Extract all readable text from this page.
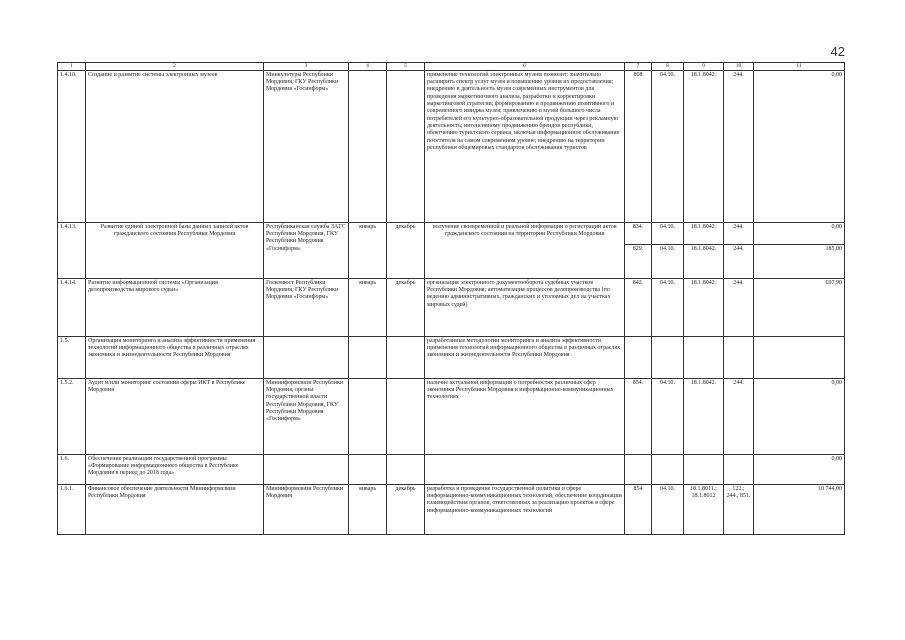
42
1	2	3	4	5	6	7	8	9	10	11
1.4.10.	Создание и развитие системы электронных музеев	Минкультуры Республики Мордовия, ГКУ Республики Мордовия «Госинформ»			применение технологий электронных музеев позволит: значительно расширить спектр услуг музея и повышению уровня их предоставления; внедрению в деятельность музея современных инструментов для проведения маркетингового анализа, разработки и корректировки маркетинговой стратегии; формированию и продвижению позитивного и современного имиджа музея; привлечению в музей большого числа потребителей его культурно-образовательной продукции через рекламную деятельность; интенсивному продвижению брендов республики, облегчению туристского сервиса, включая информационное обслуживание посетителя на самом современном уровне; внедрению на территории республики общемировых стандартов обслуживания туристов	808	04.10.	18.1.8042.	244.	0,00
1.4.13.	Развитие единой электронной базы данных записей актов гражданского состояния Республики Мордовия	Республиканская служба ЗАГС Республики Мордовия, ГКУ Республики Мордовия «Госинформ»	январь	декабрь	получение своевременной и реальной информации о регистрации актов гражданского состояния на территории Республики Мордовия	834.	04.10.	18.1.8042.	244.	0,00
						829.	04.10.	18.1.8042.	244.	185,00
1.4.14.	Развитие информационной системы «Организация делопроизводства мирового судьи»	Госкомюст Республики Мордовия, ГКУ Республики Мордовия «Госинформ»	январь	декабрь	организация электронного документооборота судебных участков Республики Мордовия; автоматизация процессов делопроизводства (по ведению административных, гражданских и уголовных дел на участках мировых судей)	842.	04.10.	18.1.8042.	244.	697,90
1.5.	Организация мониторинга и анализа эффективности применения технологий информационного общества в различных отраслях экономики и жизнедеятельности Республики Мордовия				разработанные методологии мониторинга и анализа эффективности применения технологий информационного общества в различных отраслях экономики и жизнедеятельности Республики Мордовия					
1.5.2.	Аудит и/или мониторинг состояния сферы ИКТ в Республике Мордовия	Мининформсвязи Республики Мордовия, органы государственной власти Республики Мордовия, ГКУ Республики Мордовия «Госинформ»			наличие актуальной информации о потребностях различных сфер экономики Республики Мордовия в информационно-коммуникационных технологиях	854.	04.10.	18.1.8042.	244.	0,00
1.6.	Обеспечение реализации государственной программы «Формирование информационного общества в Республике Мордовия в период до 2018 года»									0,00
1.6.1.	Финансовое обеспечение деятельности Мининформсвязи Республики Мордовия	Мининформсвязи Республики Мордовия	январь	декабрь	разработка и проведение государственной политики в сфере информационно-коммуникационных технологий, обеспечение координации взаимодействия органов, ответственных за реализацию проектов в сфере информационно-коммуникационных технологий	854	04.10.	18.1.8011.; 18.1.8012	122.; 244., 851.	10 744,00
